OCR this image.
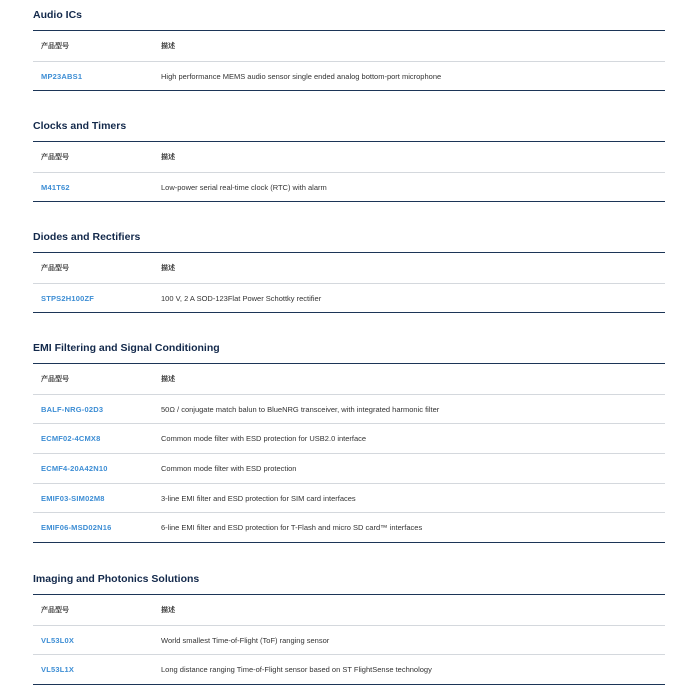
Audio ICs
产品型号	描述
MP23ABS1	High performance MEMS audio sensor single ended analog bottom-port microphone
Clocks and Timers
产品型号	描述
M41T62	Low-power serial real-time clock (RTC) with alarm
Diodes and Rectifiers
产品型号	描述
STPS2H100ZF	100 V, 2 A SOD-123Flat Power Schottky rectifier
EMI Filtering and Signal Conditioning
产品型号	描述
BALF-NRG-02D3	50Ω / conjugate match balun to BlueNRG transceiver, with integrated harmonic filter
ECMF02-4CMX8	Common mode filter with ESD protection for USB2.0 interface
ECMF4-20A42N10	Common mode filter with ESD protection
EMIF03-SIM02M8	3-line EMI filter and ESD protection for SIM card interfaces
EMIF06-MSD02N16	6-line EMI filter and ESD protection for T-Flash and micro SD card™ interfaces
Imaging and Photonics Solutions
产品型号	描述
VL53L0X	World smallest Time-of-Flight (ToF) ranging sensor
VL53L1X	Long distance ranging Time-of-Flight sensor based on ST FlightSense technology
